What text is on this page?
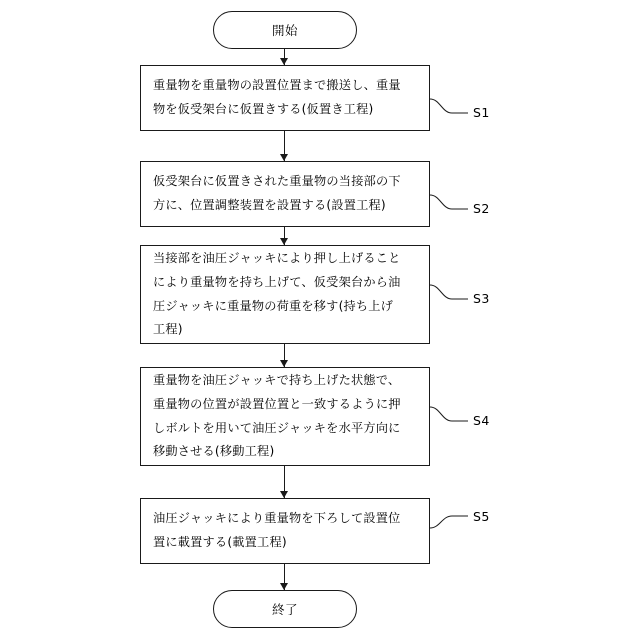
開始
重量物を重量物の設置位置まで搬送し、重量
物を仮受架台に仮置きする(仮置き工程)	S1
仮受架台に仮置きされた重量物の当接部の下
方に、位置調整装置を設置する(設置工程)	S2
当接部を油圧ジャッキにより押し上げること
により重量物を持ち上げて、仮受架台から油
圧ジャッキに重量物の荷重を移す(持ち上げ
工程)
S3
重量物を油圧ジャッキで持ち上げた状態で、
重量物の位置が設置位置と一致するように押
しボルトを用いて油圧ジャッキを水平方向に
移動させる(移動工程)
S4
油圧ジャッキにより重量物を下ろして設置位
置に載置する(載置工程)
S5
終了
